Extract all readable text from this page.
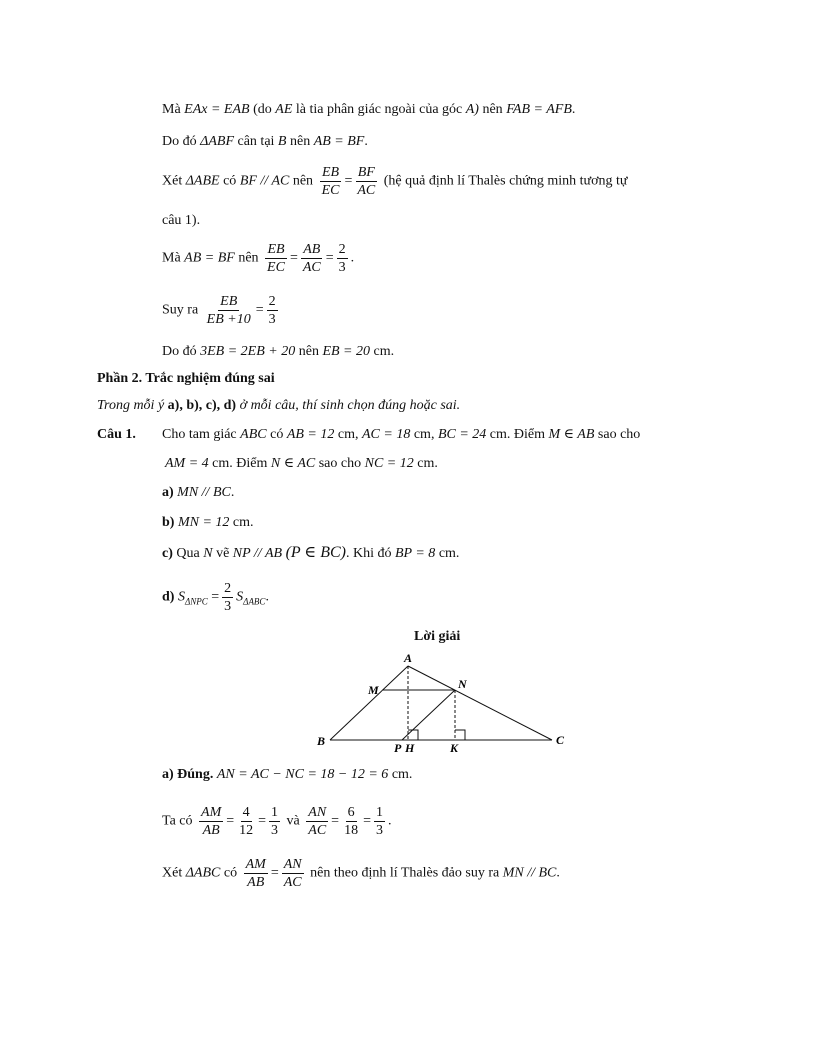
Mà EAx = EAB (do AE là tia phân giác ngoài của góc A) nên FAB = AFB.
Do đó ΔABF cân tại B nên AB = BF.
Xét ΔABE có BF // AC nên $\frac{EB}{EC} = \frac{BF}{AC}$ (hệ quả định lí Thalès chứng minh tương tự
câu 1).
Mà AB = BF nên $\frac{EB}{EC} = \frac{AB}{AC} = \frac{2}{3}$ .
Suy ra $\frac{EB}{EB +10} = \frac{2}{3}$
Do đó 3EB = 2EB + 20 nên EB = 20 cm.
Phần 2. Trắc nghiệm đúng sai
Trong mỗi ý a), b), c), d) ở mỗi câu, thí sinh chọn đúng hoặc sai.
Câu 1. Cho tam giác ABC có AB = 12 cm, AC = 18 cm, BC = 24 cm. Điểm M ∈ AB sao cho
AM = 4 cm. Điểm N ∈ AC sao cho NC = 12 cm.
a) MN // BC.
b) MN = 12 cm.
c) Qua N vẽ NP // AB (P ∈ BC). Khi đó BP = 8 cm.
d) $S_{\Delta NPC} = \frac{2}{3} S_{\Delta ABC}$.
Lời giải
A
B	C
M	N
P H	K
a) Đúng. AN = AC − NC = 18 − 12 = 6 cm.
Ta có $\frac{AM}{AB} = \frac{4}{12} = \frac{1}{3}$ và $\frac{AN}{AC} = \frac{6}{18} = \frac{1}{3}$ .
Xét ΔABC có $\frac{AM}{AB} = \frac{AN}{AC}$ nên theo định lí Thalès đảo suy ra MN // BC.
